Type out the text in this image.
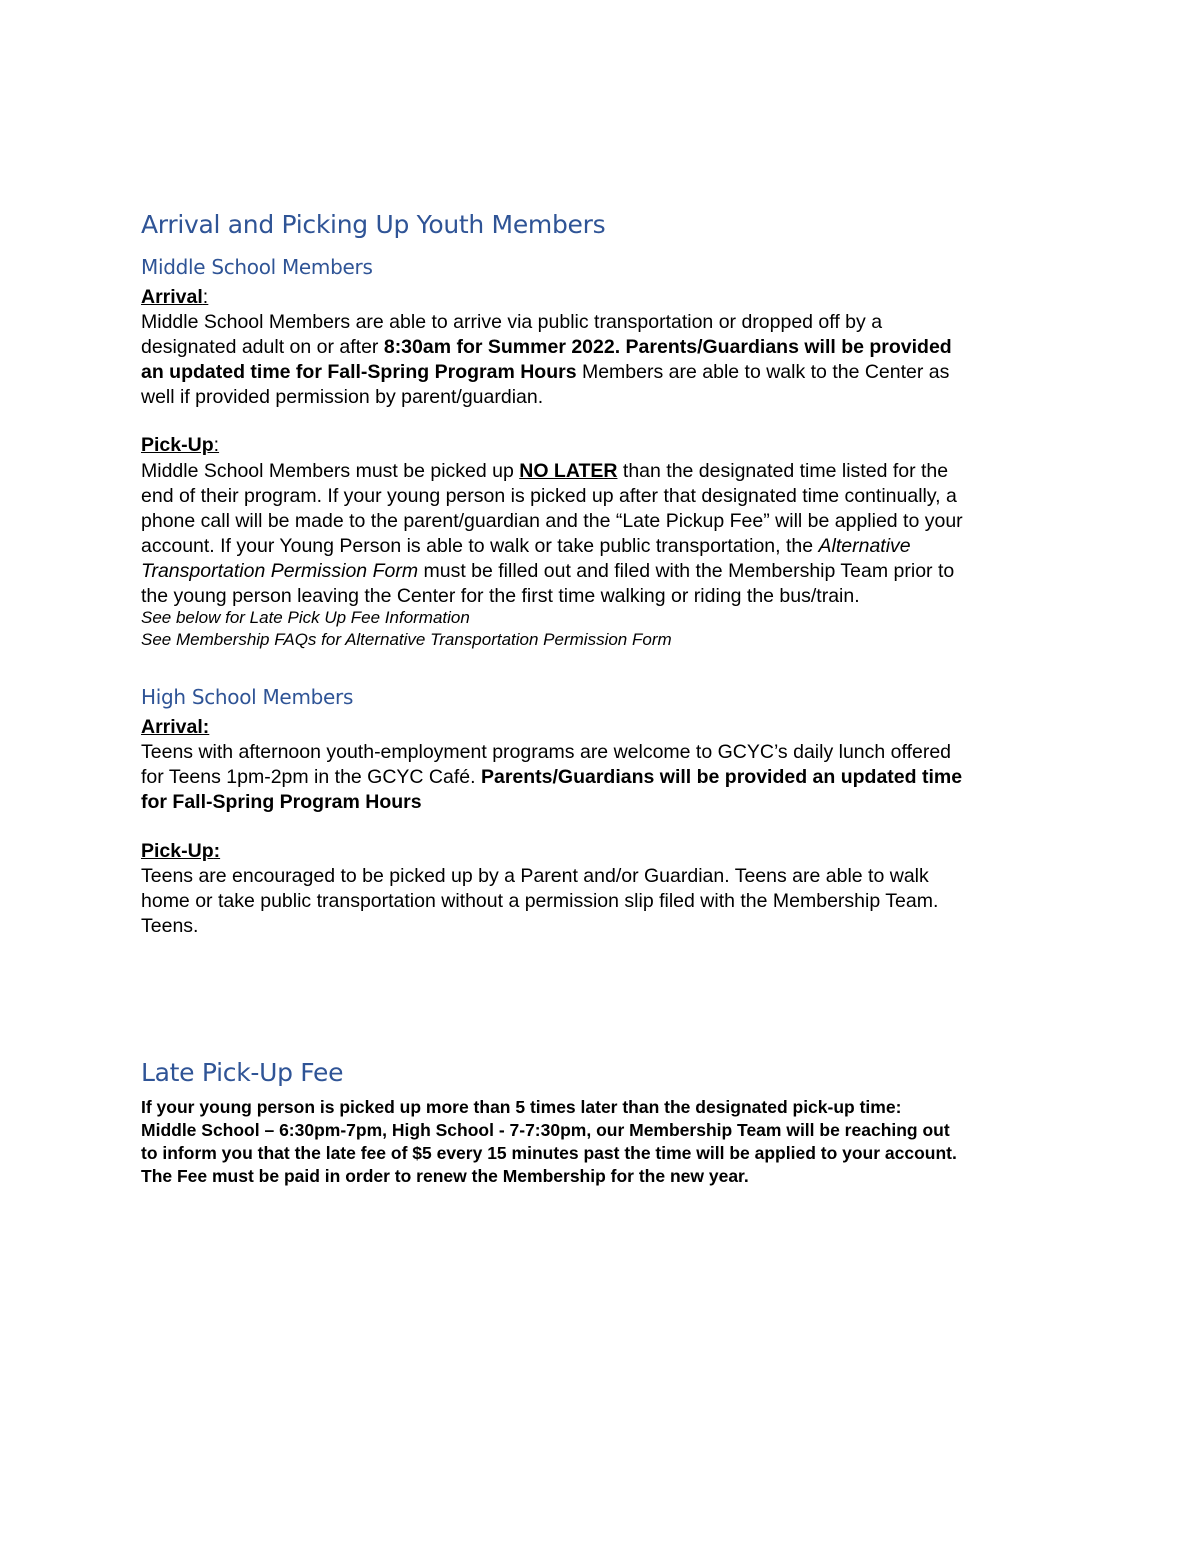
Arrival and Picking Up Youth Members
Middle School Members

Arrival:

Middle School Members are able to arrive via public transportation or dropped off by a
designated adult on or after 8:30am for Summer 2022. Parents/Guardians will be provided
an updated time for Fall-Spring Program Hours Members are able to walk to the Center as
well if provided permission by parent/guardian.

Pick-Up:

Middle School Members must be picked up NO LATER than the designated time listed for the
end of their program. If your young person is picked up after that designated time continually, a
phone call will be made to the parent/guardian and the “Late Pickup Fee” will be applied to your
account. If your Young Person is able to walk or take public transportation, the Alternative
Transportation Permission Form must be filled out and filed with the Membership Team prior to
the young person leaving the Center for the first time walking or riding the bus/train.

See below for Late Pick Up Fee Information

See Membership FAQs for Alternative Transportation Permission Form

High School Members

Arrival:

Teens with afternoon youth-employment programs are welcome to GCYC’s daily lunch offered
for Teens 1pm-2pm in the GCYC Café. Parents/Guardians will be provided an updated time
for Fall-Spring Program Hours

Pick-Up:

Teens are encouraged to be picked up by a Parent and/or Guardian. Teens are able to walk
home or take public transportation without a permission slip filed with the Membership Team.
Teens.
Late Pick-Up Fee
If your young person is picked up more than 5 times later than the designated pick-up time:
Middle School – 6:30pm-7pm, High School - 7-7:30pm, our Membership Team will be reaching out
to inform you that the late fee of $5 every 15 minutes past the time will be applied to your account.
The Fee must be paid in order to renew the Membership for the new year.
